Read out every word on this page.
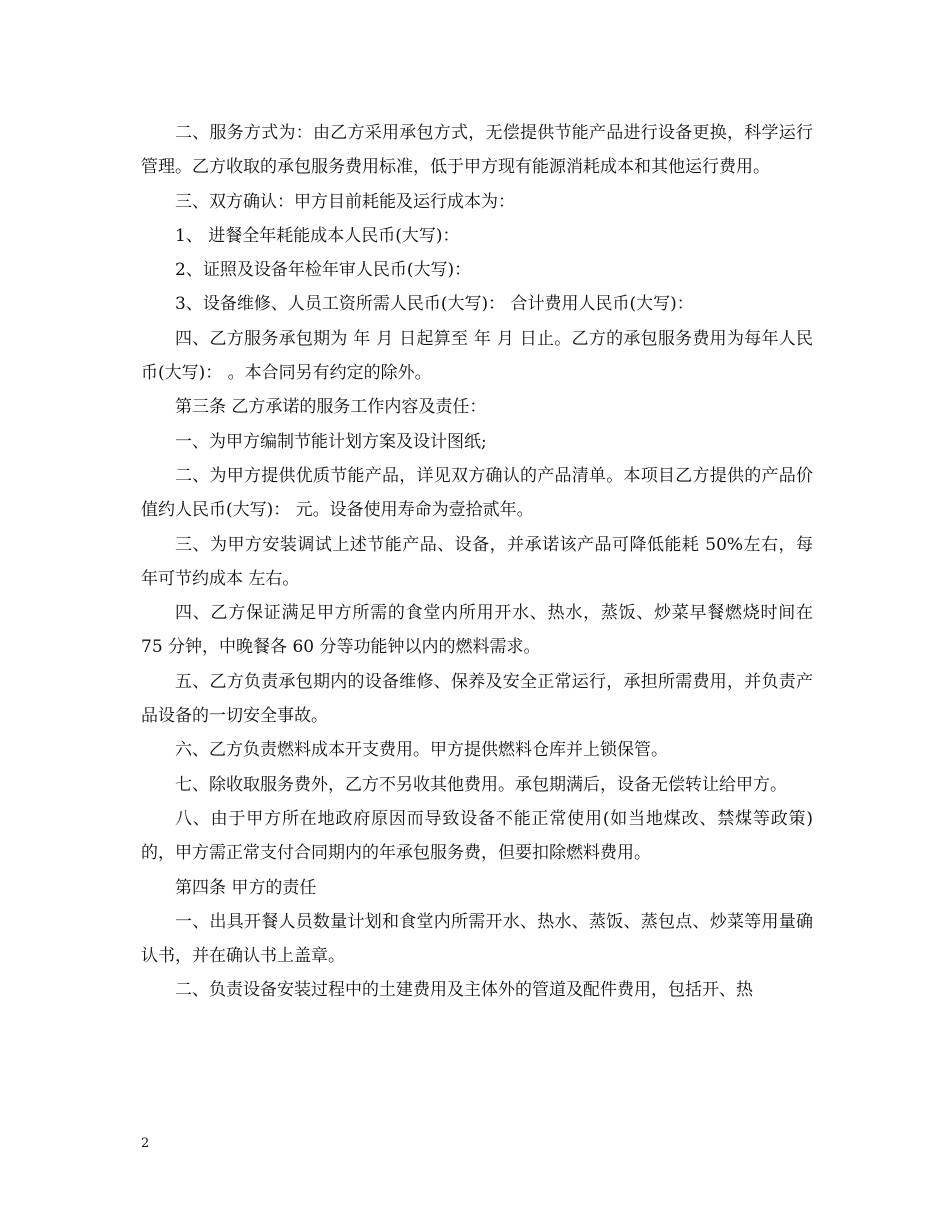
二、服务方式为：由乙方采用承包方式，无偿提供节能产品进行设备更换，科学运行管理。乙方收取的承包服务费用标准，低于甲方现有能源消耗成本和其他运行费用。

三、双方确认：甲方目前耗能及运行成本为：

1、 进餐全年耗能成本人民币(大写)：

2、证照及设备年检年审人民币(大写)：

3、设备维修、人员工资所需人民币(大写)： 合计费用人民币(大写)：

四、乙方服务承包期为 年 月 日起算至 年 月 日止。乙方的承包服务费用为每年人民币(大写)： 。本合同另有约定的除外。

第三条 乙方承诺的服务工作内容及责任：

一、为甲方编制节能计划方案及设计图纸;

二、为甲方提供优质节能产品，详见双方确认的产品清单。本项目乙方提供的产品价值约人民币(大写)： 元。设备使用寿命为壹拾贰年。

三、为甲方安装调试上述节能产品、设备，并承诺该产品可降低能耗 50%左右，每年可节约成本 左右。

四、乙方保证满足甲方所需的食堂内所用开水、热水，蒸饭、炒菜早餐燃烧时间在 75 分钟，中晚餐各 60 分等功能钟以内的燃料需求。

五、乙方负责承包期内的设备维修、保养及安全正常运行，承担所需费用，并负责产品设备的一切安全事故。

六、乙方负责燃料成本开支费用。甲方提供燃料仓库并上锁保管。

七、除收取服务费外，乙方不另收其他费用。承包期满后，设备无偿转让给甲方。

八、由于甲方所在地政府原因而导致设备不能正常使用(如当地煤改、禁煤等政策)的，甲方需正常支付合同期内的年承包服务费，但要扣除燃料费用。

第四条 甲方的责任

一、出具开餐人员数量计划和食堂内所需开水、热水、蒸饭、蒸包点、炒菜等用量确认书，并在确认书上盖章。

二、负责设备安装过程中的土建费用及主体外的管道及配件费用，包括开、热

2
